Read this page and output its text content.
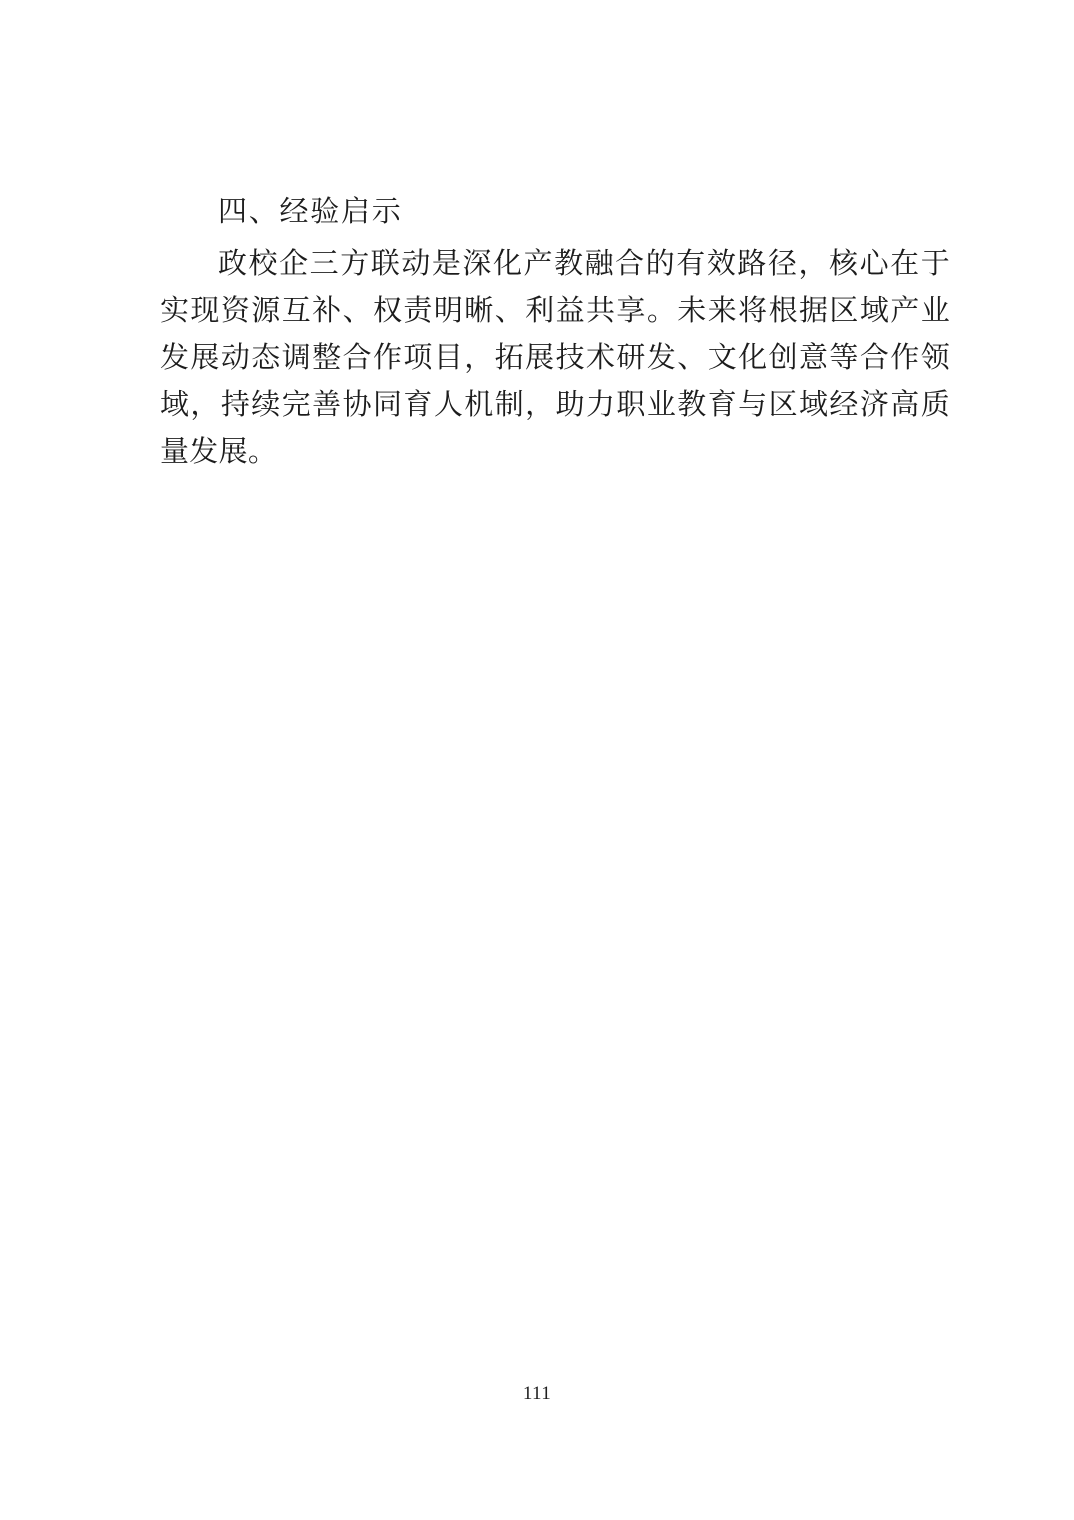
四、经验启示

政校企三方联动是深化产教融合的有效路径，核心在于实现资源互补、权责明晰、利益共享。未来将根据区域产业发展动态调整合作项目，拓展技术研发、文化创意等合作领域，持续完善协同育人机制，助力职业教育与区域经济高质量发展。

111
